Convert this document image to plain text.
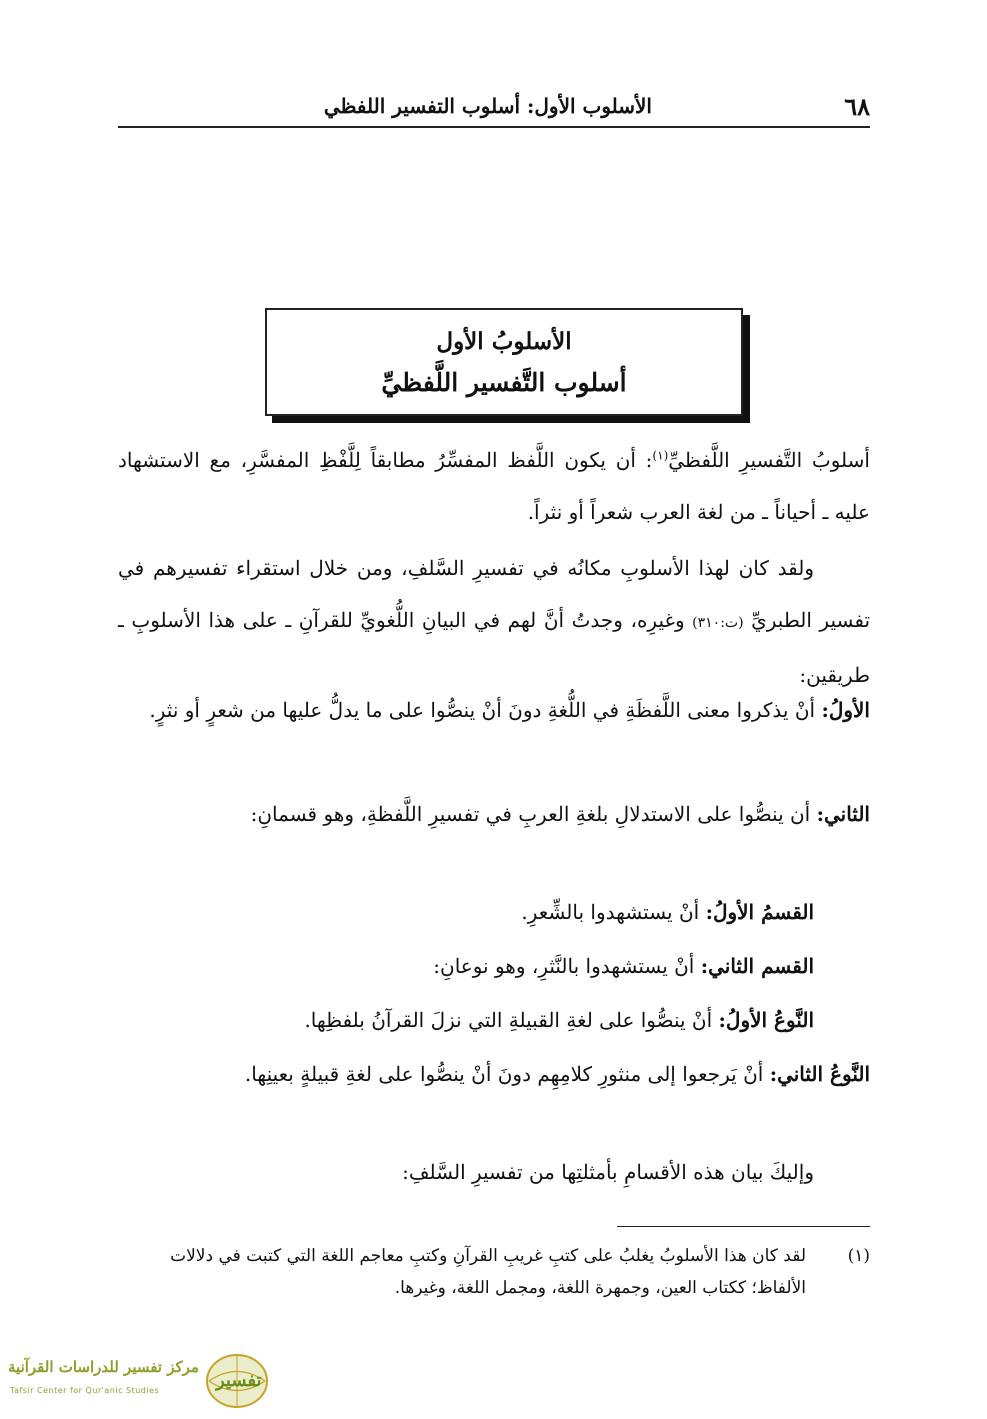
٦٨
الأسلوب الأول: أسلوب التفسير اللفظي
الأسلوبُ الأول
أسلوب التَّفسير اللَّفظيِّ

أسلوبُ التَّفسيرِ اللَّفظيِّ$^{(١)}$: أن يكون اللَّفظ المفسِّرُ مطابقاً لِلَّفْظِ المفسَّرِ، مع الاستشهاد عليه ـ أحياناً ـ من لغة العرب شعراً أو نثراً.

ولقد كان لهذا الأسلوبِ مكانُه في تفسيرِ السَّلفِ، ومن خلال استقراء تفسيرهم في تفسير الطبريِّ (ت:٣١٠) وغيرِه، وجدتُ أنَّ لهم في البيانِ اللُّغويِّ للقرآنِ ـ على هذا الأسلوبِ ـ طريقين:

الأولُ: أنْ يذكروا معنى اللَّفظَةِ في اللُّغةِ دونَ أنْ ينصُّوا على ما يدلُّ عليها من شعرٍ أو نثرٍ.

الثاني: أن ينصُّوا على الاستدلالِ بلغةِ العربِ في تفسيرِ اللَّفظةِ، وهو قسمانِ:

القسمُ الأولُ: أنْ يستشهدوا بالشِّعرِ.

القسم الثاني: أنْ يستشهدوا بالنَّثرِ، وهو نوعانِ:

النَّوعُ الأولُ: أنْ ينصُّوا على لغةِ القبيلةِ التي نزلَ القرآنُ بلفظِها.

النَّوعُ الثاني: أنْ يَرجعوا إلى منثورِ كلامِهِم دونَ أنْ ينصُّوا على لغةِ قبيلةٍ بعينِها.

وإليكَ بيان هذه الأقسامِ بأمثلتِها من تفسيرِ السَّلفِ:

(١)
لقد كان هذا الأسلوبُ يغلبُ على كتبِ غريبِ القرآنِ وكتبِ معاجم اللغة التي كتبت في دلالات الألفاظ؛ ككتاب العين، وجمهرة اللغة، ومجمل اللغة، وغيرها.
تفسير
مركز تفسير للدراسات القرآنية
Tafsir Center for Qur'anic Studies
